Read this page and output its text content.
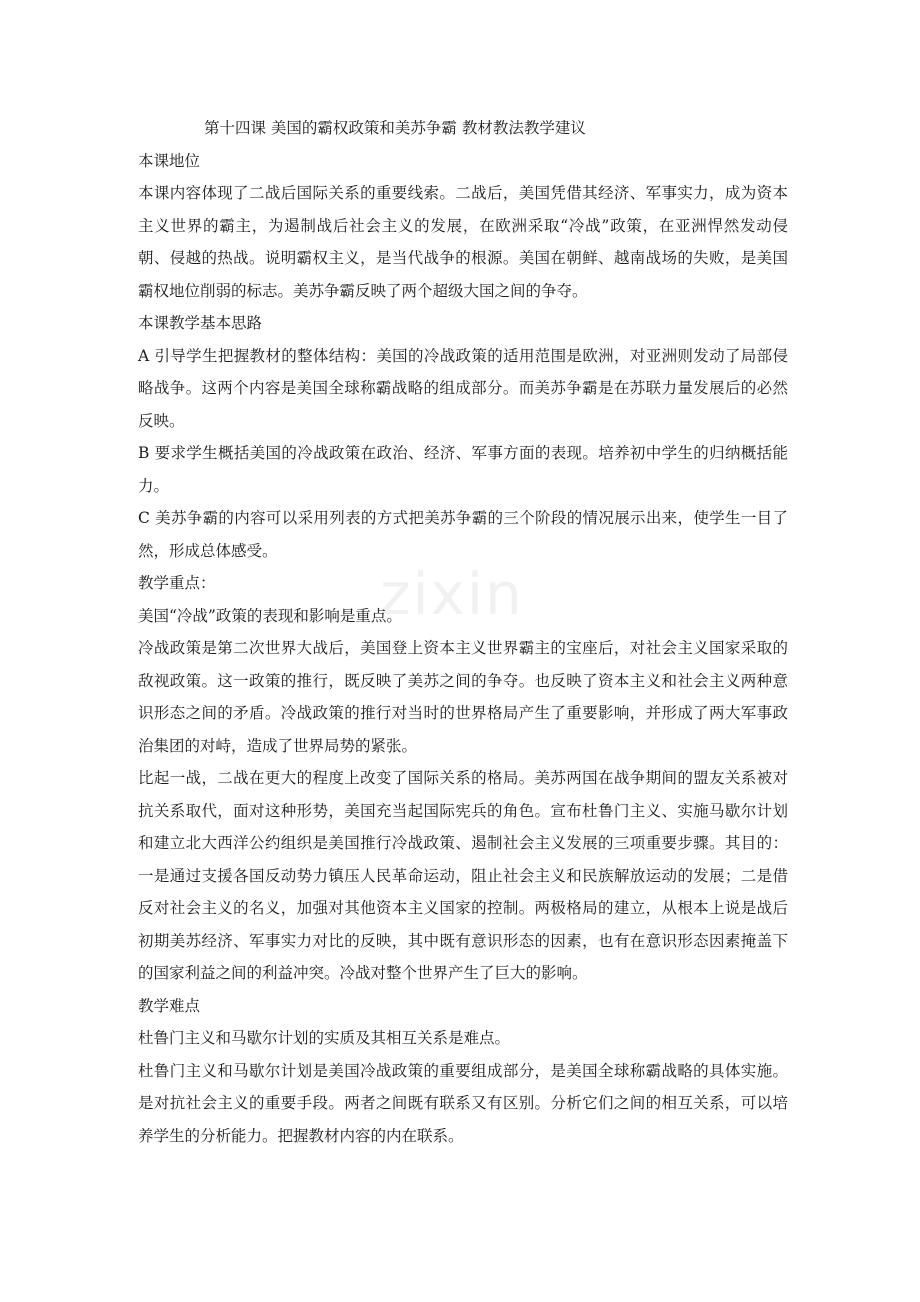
zixin
第十四课 美国的霸权政策和美苏争霸 教材教法教学建议
本课地位

本课内容体现了二战后国际关系的重要线索。二战后，美国凭借其经济、军事实力，成为资本主义世界的霸主，为遏制战后社会主义的发展，在欧洲采取“冷战”政策，在亚洲悍然发动侵朝、侵越的热战。说明霸权主义，是当代战争的根源。美国在朝鲜、越南战场的失败，是美国霸权地位削弱的标志。美苏争霸反映了两个超级大国之间的争夺。

本课教学基本思路

A 引导学生把握教材的整体结构：美国的冷战政策的适用范围是欧洲，对亚洲则发动了局部侵略战争。这两个内容是美国全球称霸战略的组成部分。而美苏争霸是在苏联力量发展后的必然反映。

B 要求学生概括美国的冷战政策在政治、经济、军事方面的表现。培养初中学生的归纳概括能力。

C 美苏争霸的内容可以采用列表的方式把美苏争霸的三个阶段的情况展示出来，使学生一目了然，形成总体感受。

教学重点：

美国“冷战”政策的表现和影响是重点。

冷战政策是第二次世界大战后，美国登上资本主义世界霸主的宝座后，对社会主义国家采取的敌视政策。这一政策的推行，既反映了美苏之间的争夺。也反映了资本主义和社会主义两种意识形态之间的矛盾。冷战政策的推行对当时的世界格局产生了重要影响，并形成了两大军事政治集团的对峙，造成了世界局势的紧张。

比起一战，二战在更大的程度上改变了国际关系的格局。美苏两国在战争期间的盟友关系被对抗关系取代，面对这种形势，美国充当起国际宪兵的角色。宣布杜鲁门主义、实施马歇尔计划和建立北大西洋公约组织是美国推行冷战政策、遏制社会主义发展的三项重要步骤。其目的：一是通过支援各国反动势力镇压人民革命运动，阻止社会主义和民族解放运动的发展；二是借反对社会主义的名义，加强对其他资本主义国家的控制。两极格局的建立，从根本上说是战后初期美苏经济、军事实力对比的反映，其中既有意识形态的因素，也有在意识形态因素掩盖下的国家利益之间的利益冲突。冷战对整个世界产生了巨大的影响。

教学难点

杜鲁门主义和马歇尔计划的实质及其相互关系是难点。

杜鲁门主义和马歇尔计划是美国冷战政策的重要组成部分，是美国全球称霸战略的具体实施。是对抗社会主义的重要手段。两者之间既有联系又有区别。分析它们之间的相互关系，可以培养学生的分析能力。把握教材内容的内在联系。
